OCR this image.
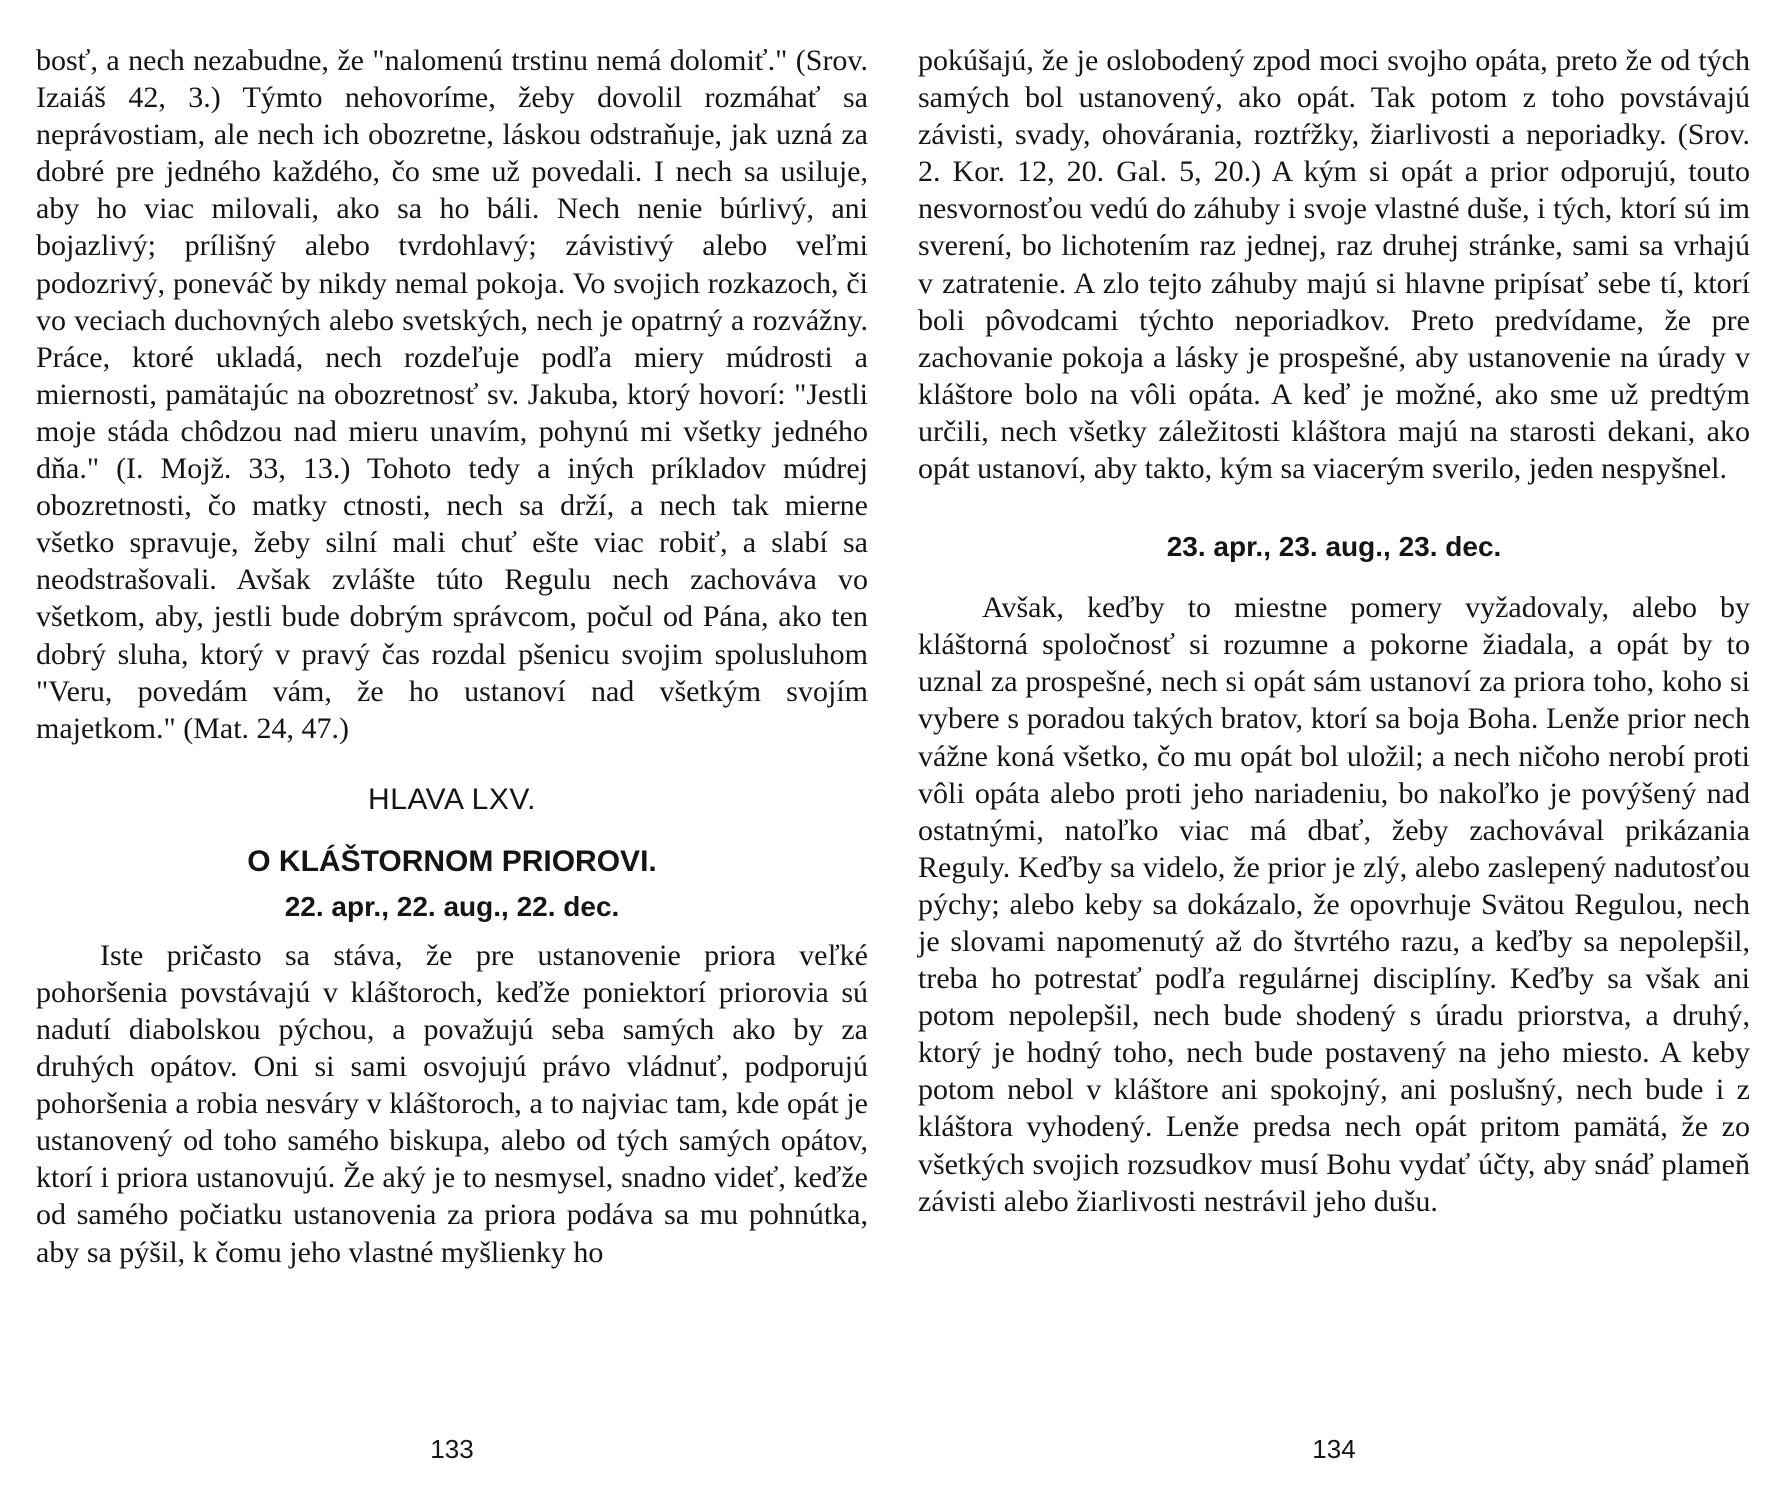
bosť, a nech nezabudne, že "nalomenú trstinu nemá dolomiť." (Srov. Izaiáš 42, 3.) Týmto nehovoríme, žeby dovolil rozmáhať sa neprávostiam, ale nech ich obozretne, láskou odstraňuje, jak uzná za dobré pre jedného každého, čo sme už povedali. I nech sa usiluje, aby ho viac milovali, ako sa ho báli. Nech nenie búrlivý, ani bojazlivý; prílišný alebo tvrdohlavý; závistivý alebo veľmi podozrivý, poneváč by nikdy nemal pokoja. Vo svojich rozkazoch, či vo veciach duchovných alebo svetských, nech je opatrný a rozvážny. Práce, ktoré ukladá, nech rozdeľuje podľa miery múdrosti a miernosti, pamätajúc na obozretnosť sv. Jakuba, ktorý hovorí: "Jestli moje stáda chôdzou nad mieru unavím, pohynú mi všetky jedného dňa." (I. Mojž. 33, 13.) Tohoto tedy a iných príkladov múdrej obozretnosti, čo matky ctnosti, nech sa drží, a nech tak mierne všetko spravuje, žeby silní mali chuť ešte viac robiť, a slabí sa neodstrašovali. Avšak zvlášte túto Regulu nech zachováva vo všetkom, aby, jestli bude dobrým správcom, počul od Pána, ako ten dobrý sluha, ktorý v pravý čas rozdal pšenicu svojim spolusluhom "Veru, povedám vám, že ho ustanoví nad všetkým svojím majetkom." (Mat. 24, 47.)

HLAVA LXV.
O KLÁŠTORNOM PRIOROVI.
22. apr., 22. aug., 22. dec.

Iste pričasto sa stáva, že pre ustanovenie priora veľké pohoršenia povstávajú v kláštoroch, keďže poniektorí priorovia sú nadutí diabolskou pýchou, a považujú seba samých ako by za druhých opátov. Oni si sami osvojujú právo vládnuť, podporujú pohoršenia a robia nesváry v kláštoroch, a to najviac tam, kde opát je ustanovený od toho samého biskupa, alebo od tých samých opátov, ktorí i priora ustanovujú. Že aký je to nesmysel, snadno videť, keďže od samého počiatku ustanovenia za priora podáva sa mu pohnútka, aby sa pýšil, k čomu jeho vlastné myšlienky ho

133

pokúšajú, že je oslobodený zpod moci svojho opáta, preto že od tých samých bol ustanovený, ako opát. Tak potom z toho povstávajú závisti, svady, ohovárania, roztŕžky, žiarlivosti a neporiadky. (Srov. 2. Kor. 12, 20. Gal. 5, 20.) A kým si opát a prior odporujú, touto nesvornosťou vedú do záhuby i svoje vlastné duše, i tých, ktorí sú im sverení, bo lichotením raz jednej, raz druhej stránke, sami sa vrhajú v zatratenie. A zlo tejto záhuby majú si hlavne pripísať sebe tí, ktorí boli pôvodcami týchto neporiadkov. Preto predvídame, že pre zachovanie pokoja a lásky je prospešné, aby ustanovenie na úrady v kláštore bolo na vôli opáta. A keď je možné, ako sme už predtým určili, nech všetky záležitosti kláštora majú na starosti dekani, ako opát ustanoví, aby takto, kým sa viacerým sverilo, jeden nespyšnel.

23. apr., 23. aug., 23. dec.

Avšak, keďby to miestne pomery vyžadovaly, alebo by kláštorná spoločnosť si rozumne a pokorne žiadala, a opát by to uznal za prospešné, nech si opát sám ustanoví za priora toho, koho si vybere s poradou takých bratov, ktorí sa boja Boha. Lenže prior nech vážne koná všetko, čo mu opát bol uložil; a nech ničoho nerobí proti vôli opáta alebo proti jeho nariadeniu, bo nakoľko je povýšený nad ostatnými, natoľko viac má dbať, žeby zachovával prikázania Reguly. Keďby sa videlo, že prior je zlý, alebo zaslepený nadutosťou pýchy; alebo keby sa dokázalo, že opovrhuje Svätou Regulou, nech je slovami napomenutý až do štvrtého razu, a keďby sa nepolepšil, treba ho potrestať podľa regulárnej disciplíny. Keďby sa však ani potom nepolepšil, nech bude shodený s úradu priorstva, a druhý, ktorý je hodný toho, nech bude postavený na jeho miesto. A keby potom nebol v kláštore ani spokojný, ani poslušný, nech bude i z kláštora vyhodený. Lenže predsa nech opát pritom pamätá, že zo všetkých svojich rozsudkov musí Bohu vydať účty, aby snáď plameň závisti alebo žiarlivosti nestrávil jeho dušu.

134
